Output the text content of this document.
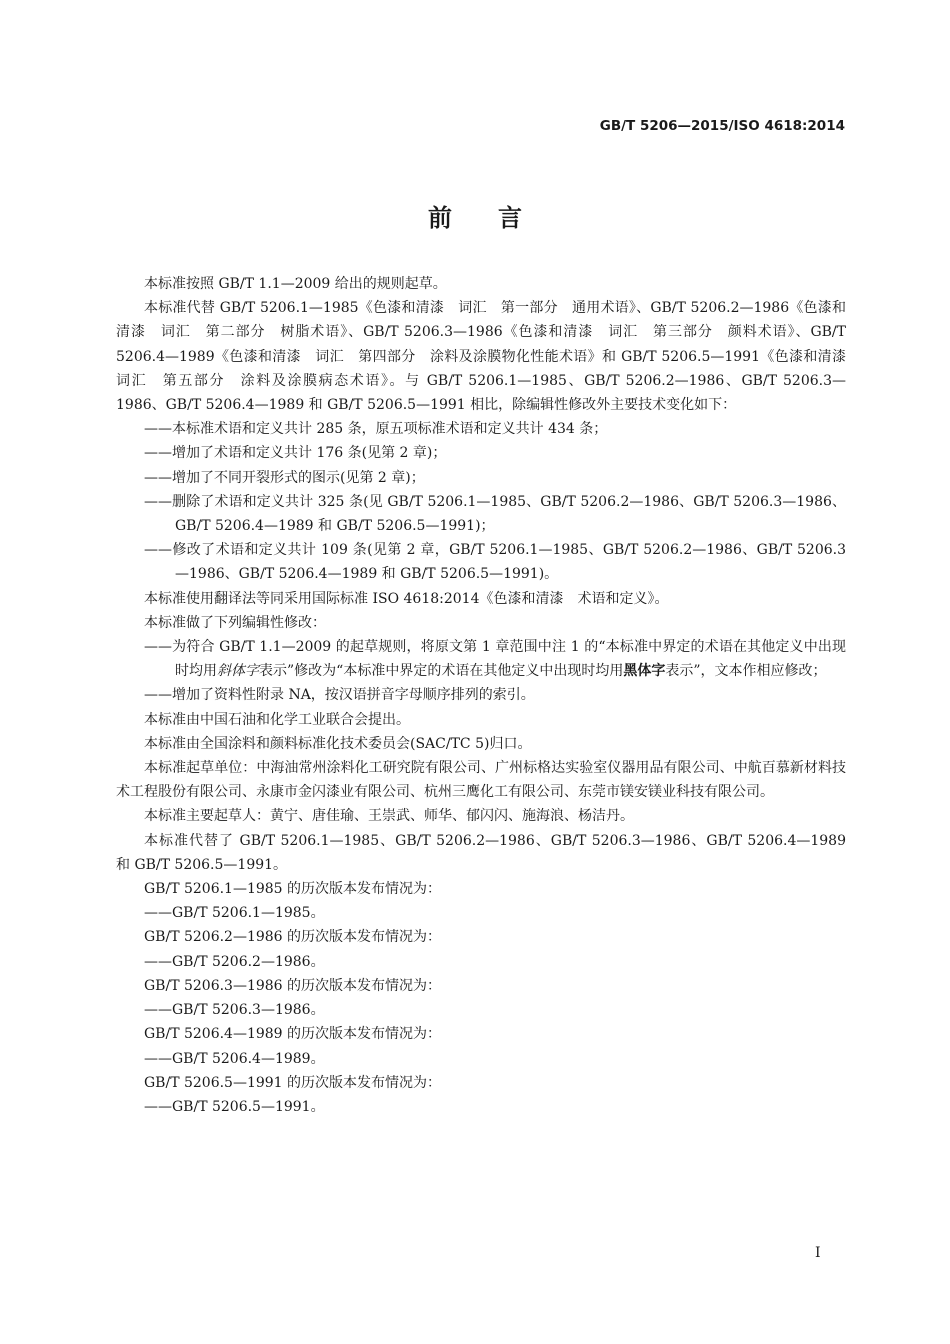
GB/T 5206—2015/ISO 4618:2014
前言

本标准按照 GB/T 1.1—2009 给出的规则起草。

本标准代替 GB/T 5206.1—1985《色漆和清漆　词汇　第一部分　通用术语》、GB/T 5206.2—1986《色漆和清漆　词汇　第二部分　树脂术语》、GB/T 5206.3—1986《色漆和清漆　词汇　第三部分　颜料术语》、GB/T 5206.4—1989《色漆和清漆　词汇　第四部分　涂料及涂膜物化性能术语》和 GB/T 5206.5—1991《色漆和清漆　词汇　第五部分　涂料及涂膜病态术语》。与 GB/T 5206.1—1985、GB/T 5206.2—1986、GB/T 5206.3—1986、GB/T 5206.4—1989 和 GB/T 5206.5—1991 相比，除编辑性修改外主要技术变化如下：

—— 本标准术语和定义共计 285 条，原五项标准术语和定义共计 434 条；

—— 增加了术语和定义共计 176 条(见第 2 章)；

—— 增加了不同开裂形式的图示(见第 2 章)；

—— 删除了术语和定义共计 325 条(见 GB/T 5206.1—1985、GB/T 5206.2—1986、GB/T 5206.3—1986、GB/T 5206.4—1989 和 GB/T 5206.5—1991)；

—— 修改了术语和定义共计 109 条(见第 2 章，GB/T 5206.1—1985、GB/T 5206.2—1986、GB/T 5206.3—1986、GB/T 5206.4—1989 和 GB/T 5206.5—1991)。

本标准使用翻译法等同采用国际标准 ISO 4618:2014《色漆和清漆　术语和定义》。

本标准做了下列编辑性修改：

—— 为符合 GB/T 1.1—2009 的起草规则，将原文第 1 章范围中注 1 的“本标准中界定的术语在其他定义中出现时均用斜体字表示”修改为“本标准中界定的术语在其他定义中出现时均用黑体字表示”，文本作相应修改；

—— 增加了资料性附录 NA，按汉语拼音字母顺序排列的索引。

本标准由中国石油和化学工业联合会提出。

本标准由全国涂料和颜料标准化技术委员会(SAC/TC 5)归口。

本标准起草单位：中海油常州涂料化工研究院有限公司、广州标格达实验室仪器用品有限公司、中航百慕新材料技术工程股份有限公司、永康市金闪漆业有限公司、杭州三鹰化工有限公司、东莞市镁安镁业科技有限公司。

本标准主要起草人：黄宁、唐佳瑜、王崇武、师华、郁闪闪、施海浪、杨洁丹。

本标准代替了 GB/T 5206.1—1985、GB/T 5206.2—1986、GB/T 5206.3—1986、GB/T 5206.4—1989 和 GB/T 5206.5—1991。

GB/T 5206.1—1985 的历次版本发布情况为：

—— GB/T 5206.1—1985。

GB/T 5206.2—1986 的历次版本发布情况为：

—— GB/T 5206.2—1986。

GB/T 5206.3—1986 的历次版本发布情况为：

—— GB/T 5206.3—1986。

GB/T 5206.4—1989 的历次版本发布情况为：

—— GB/T 5206.4—1989。

GB/T 5206.5—1991 的历次版本发布情况为：

—— GB/T 5206.5—1991。

I
